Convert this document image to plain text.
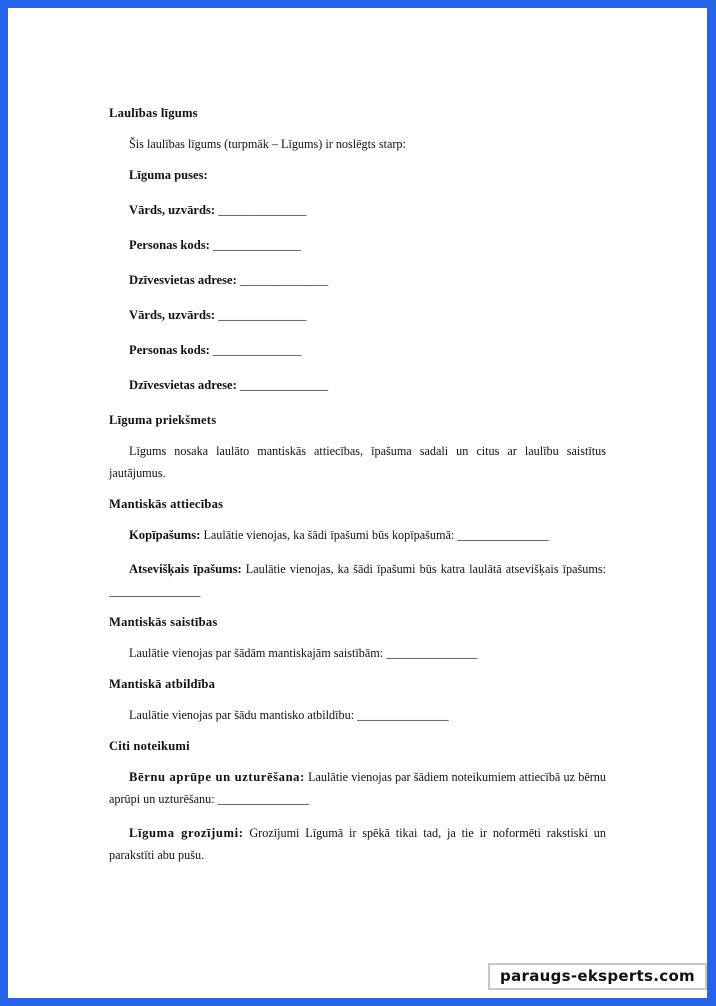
Laulības līgums

Šis laulības līgums (turpmāk – Līgums) ir noslēgts starp:

Līguma puses:

Vārds, uzvārds: ______________

Personas kods: ______________

Dzīvesvietas adrese: ______________

Vārds, uzvārds: ______________

Personas kods: ______________

Dzīvesvietas adrese: ______________

Līguma priekšmets

Līgums nosaka laulāto mantiskās attiecības, īpašuma sadali un citus ar laulību saistītus jautājumus.

Mantiskās attiecības

Kopīpašums: Laulātie vienojas, ka šādi īpašumi būs kopīpašumā: _______________

Atsevišķais īpašums: Laulātie vienojas, ka šādi īpašumi būs katra laulātā atsevišķais īpašums: _______________

Mantiskās saistības

Laulātie vienojas par šādām mantiskajām saistībām: _______________

Mantiskā atbildība

Laulātie vienojas par šādu mantisko atbildību: _______________

Citi noteikumi

Bērnu aprūpe un uzturēšana: Laulātie vienojas par šādiem noteikumiem attiecībā uz bērnu aprūpi un uzturēšanu: _______________

Līguma grozījumi: Grozījumi Līgumā ir spēkā tikai tad, ja tie ir noformēti rakstiski un parakstīti abu pušu.

paraugs-eksperts.com
